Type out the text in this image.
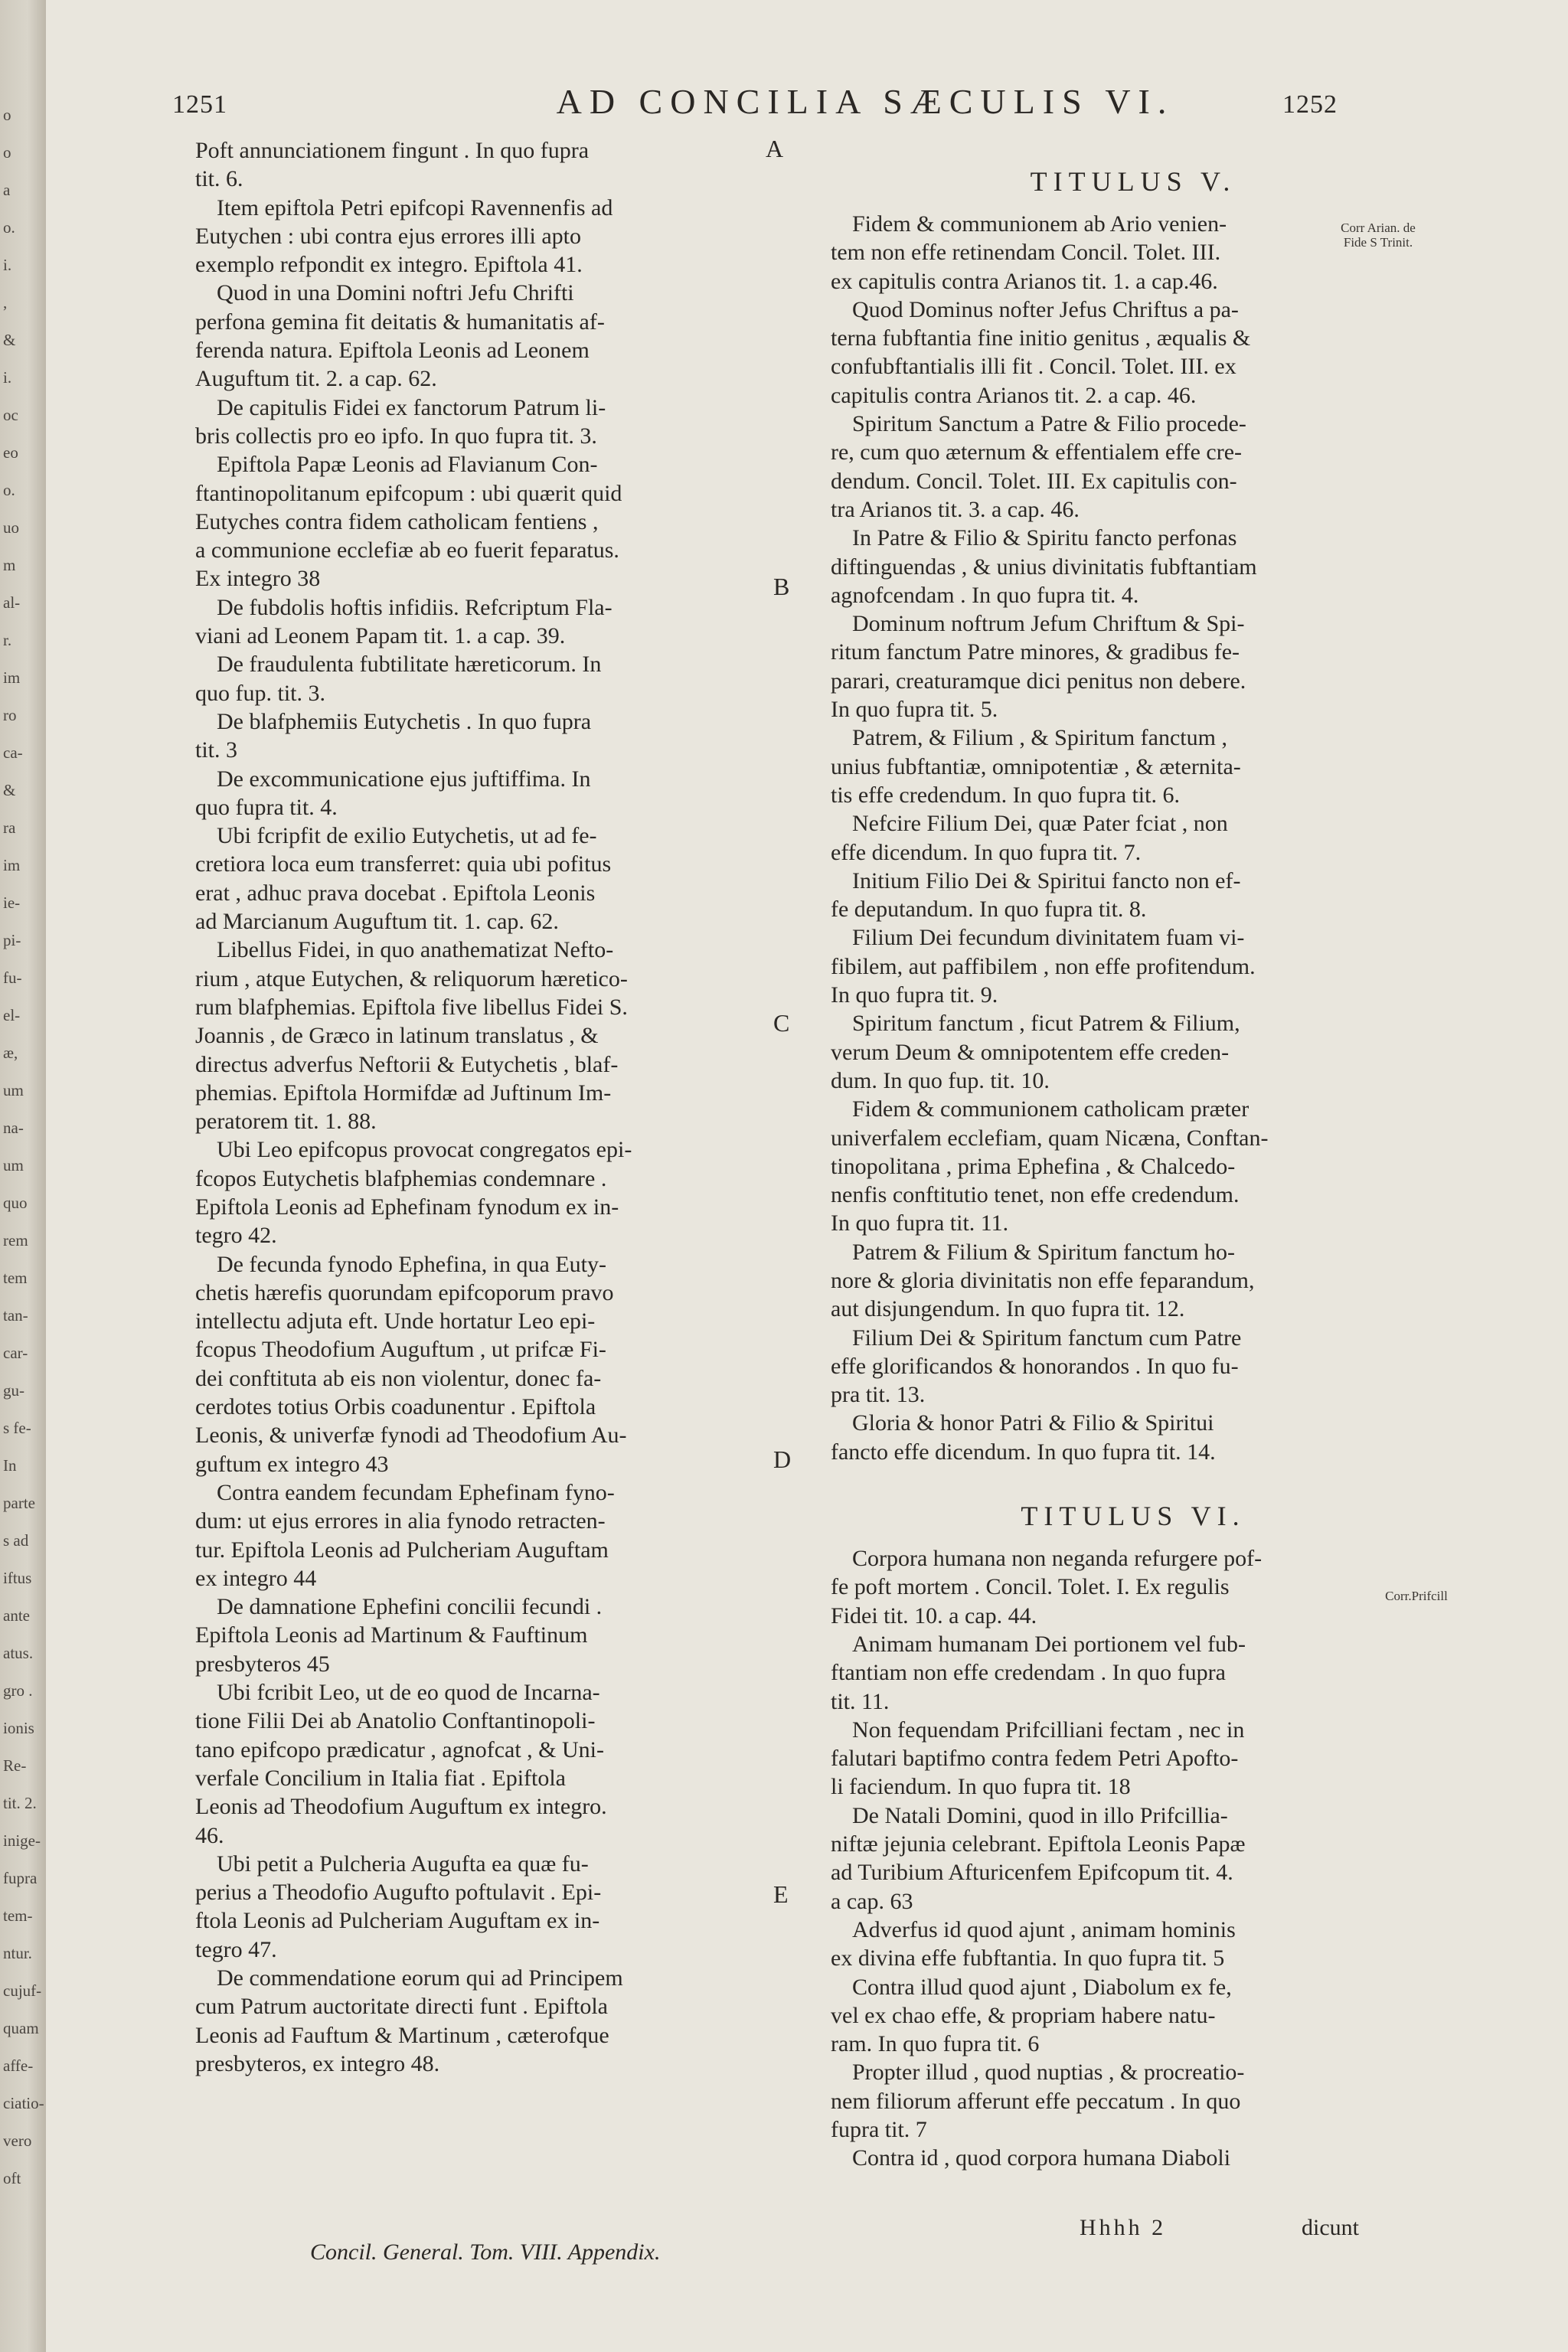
o
o
a
o.
i.
,
&
i.
oc
eo
o.
uo
m
al-
r.
im
ro
ca-
&
ra
im
ie-
pi-
fu-
el-
æ,
um
na-
um
quo
rem
tem
tan-
car-
gu-
s fe-
In
parte
s ad
iftus
ante
atus.
gro .
ionis
Re-
tit. 2.
inige-
fupra
tem-
ntur.
cujuf-
quam
affe-
ciatio-
vero
oft
1251	AD CONCILIA SÆCULIS VI.	1252
Poft annunciationem fingunt . In quo fupra
tit. 6.
Item epiftola Petri epifcopi Ravennenfis ad
Eutychen : ubi contra ejus errores illi apto
exemplo refpondit ex integro. Epiftola 41.
Quod in una Domini noftri Jefu Chrifti
perfona gemina fit deitatis & humanitatis af-
ferenda natura. Epiftola Leonis ad Leonem
Auguftum tit. 2. a cap. 62.
De capitulis Fidei ex fanctorum Patrum li-
bris collectis pro eo ipfo. In quo fupra tit. 3.
Epiftola Papæ Leonis ad Flavianum Con-
ftantinopolitanum epifcopum : ubi quærit quid
Eutyches contra fidem catholicam fentiens ,
a communione ecclefiæ ab eo fuerit feparatus.
Ex integro 38
De fubdolis hoftis infidiis. Refcriptum Fla-
viani ad Leonem Papam tit. 1. a cap. 39.
De fraudulenta fubtilitate hæreticorum. In
quo fup. tit. 3.
De blafphemiis Eutychetis . In quo fupra
tit. 3
De excommunicatione ejus juftiffima. In
quo fupra tit. 4.
Ubi fcripfit de exilio Eutychetis, ut ad fe-
cretiora loca eum transferret: quia ubi pofitus
erat , adhuc prava docebat . Epiftola Leonis
ad Marcianum Auguftum tit. 1. cap. 62.
Libellus Fidei, in quo anathematizat Nefto-
rium , atque Eutychen, & reliquorum hæretico-
rum blafphemias. Epiftola five libellus Fidei S.
Joannis , de Græco in latinum translatus , &
directus adverfus Neftorii & Eutychetis , blaf-
phemias. Epiftola Hormifdæ ad Juftinum Im-
peratorem tit. 1. 88.
Ubi Leo epifcopus provocat congregatos epi-
fcopos Eutychetis blafphemias condemnare .
Epiftola Leonis ad Ephefinam fynodum ex in-
tegro 42.
De fecunda fynodo Ephefina, in qua Euty-
chetis hærefis quorundam epifcoporum pravo
intellectu adjuta eft. Unde hortatur Leo epi-
fcopus Theodofium Auguftum , ut prifcæ Fi-
dei conftituta ab eis non violentur, donec fa-
cerdotes totius Orbis coadunentur . Epiftola
Leonis, & univerfæ fynodi ad Theodofium Au-
guftum ex integro 43
Contra eandem fecundam Ephefinam fyno-
dum: ut ejus errores in alia fynodo retracten-
tur. Epiftola Leonis ad Pulcheriam Auguftam
ex integro 44
De damnatione Ephefini concilii fecundi .
Epiftola Leonis ad Martinum & Fauftinum
presbyteros 45
Ubi fcribit Leo, ut de eo quod de Incarna-
tione Filii Dei ab Anatolio Conftantinopoli-
tano epifcopo prædicatur , agnofcat , & Uni-
verfale Concilium in Italia fiat . Epiftola
Leonis ad Theodofium Auguftum ex integro.
46.
Ubi petit a Pulcheria Augufta ea quæ fu-
perius a Theodofio Augufto poftulavit . Epi-
ftola Leonis ad Pulcheriam Auguftam ex in-
tegro 47.
De commendatione eorum qui ad Principem
cum Patrum auctoritate directi funt . Epiftola
Leonis ad Fauftum & Martinum , cæterofque
presbyteros, ex integro 48.
TITULUS V.
Fidem & communionem ab Ario venien-
tem non effe retinendam Concil. Tolet. III.
ex capitulis contra Arianos tit. 1. a cap.46.
Quod Dominus nofter Jefus Chriftus a pa-
terna fubftantia fine initio genitus , æqualis &
confubftantialis illi fit . Concil. Tolet. III. ex
capitulis contra Arianos tit. 2. a cap. 46.
Spiritum Sanctum a Patre & Filio procede-
re, cum quo æternum & effentialem effe cre-
dendum. Concil. Tolet. III. Ex capitulis con-
tra Arianos tit. 3. a cap. 46.
In Patre & Filio & Spiritu fancto perfonas
diftinguendas , & unius divinitatis fubftantiam
agnofcendam . In quo fupra tit. 4.
Dominum noftrum Jefum Chriftum & Spi-
ritum fanctum Patre minores, & gradibus fe-
parari, creaturamque dici penitus non debere.
In quo fupra tit. 5.
Patrem, & Filium , & Spiritum fanctum ,
unius fubftantiæ, omnipotentiæ , & æternita-
tis effe credendum. In quo fupra tit. 6.
Nefcire Filium Dei, quæ Pater fciat , non
effe dicendum. In quo fupra tit. 7.
Initium Filio Dei & Spiritui fancto non ef-
fe deputandum. In quo fupra tit. 8.
Filium Dei fecundum divinitatem fuam vi-
fibilem, aut paffibilem , non effe profitendum.
In quo fupra tit. 9.
Spiritum fanctum , ficut Patrem & Filium,
verum Deum & omnipotentem effe creden-
dum. In quo fup. tit. 10.
Fidem & communionem catholicam præter
univerfalem ecclefiam, quam Nicæna, Conftan-
tinopolitana , prima Ephefina , & Chalcedo-
nenfis conftitutio tenet, non effe credendum.
In quo fupra tit. 11.
Patrem & Filium & Spiritum fanctum ho-
nore & gloria divinitatis non effe feparandum,
aut disjungendum. In quo fupra tit. 12.
Filium Dei & Spiritum fanctum cum Patre
effe glorificandos & honorandos . In quo fu-
pra tit. 13.
Gloria & honor Patri & Filio & Spiritui
fancto effe dicendum. In quo fupra tit. 14.
TITULUS VI.
Corpora humana non neganda refurgere pof-
fe poft mortem . Concil. Tolet. I. Ex regulis
Fidei tit. 10. a cap. 44.
Animam humanam Dei portionem vel fub-
ftantiam non effe credendam . In quo fupra
tit. 11.
Non fequendam Prifcilliani fectam , nec in
falutari baptifmo contra fedem Petri Apofto-
li faciendum. In quo fupra tit. 18
De Natali Domini, quod in illo Prifcillia-
niftæ jejunia celebrant. Epiftola Leonis Papæ
ad Turibium Afturicenfem Epifcopum tit. 4.
a cap. 63
Adverfus id quod ajunt , animam hominis
ex divina effe fubftantia. In quo fupra tit. 5
Contra illud quod ajunt , Diabolum ex fe,
vel ex chao effe, & propriam habere natu-
ram. In quo fupra tit. 6
Propter illud , quod nuptias , & procreatio-
nem filiorum afferunt effe peccatum . In quo
fupra tit. 7
Contra id , quod corpora humana Diaboli
A
B
C
D
E
Corr Arian. de Fide S Trinit.
Corr.Prifcill
Concil. General. Tom. VIII. Appendix.
Hhhh 2	dicunt
